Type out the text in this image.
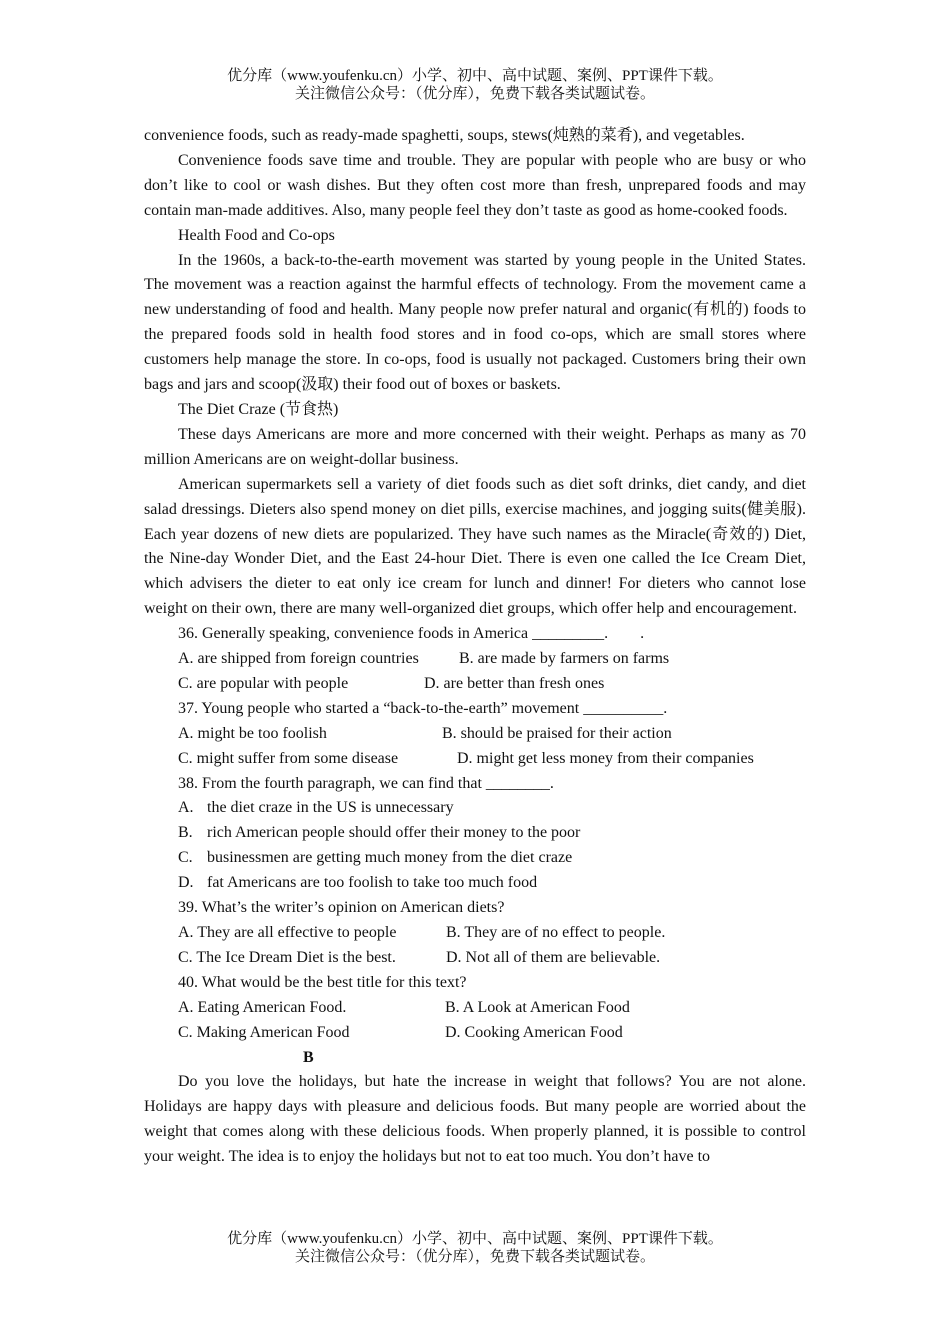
优分库（www.youfenku.cn）小学、初中、高中试题、案例、PPT课件下载。
关注微信公众号：（优分库），免费下载各类试题试卷。

convenience foods, such as ready-made spaghetti, soups, stews(炖熟的菜肴), and vegetables.

Convenience foods save time and trouble. They are popular with people who are busy or who don’t like to cool or wash dishes. But they often cost more than fresh, unprepared foods and may contain man-made additives. Also, many people feel they don’t taste as good as home-cooked foods.

Health Food and Co-ops

In the 1960s, a back-to-the-earth movement was started by young people in the United States. The movement was a reaction against the harmful effects of technology. From the movement came a new understanding of food and health. Many people now prefer natural and organic(有机的) foods to the prepared foods sold in health food stores and in food co-ops, which are small stores where customers help manage the store. In co-ops, food is usually not packaged. Customers bring their own bags and jars and scoop(汲取) their food out of boxes or baskets.

The Diet Craze (节食热)

These days Americans are more and more concerned with their weight. Perhaps as many as 70 million Americans are on weight-dollar business.

American supermarkets sell a variety of diet foods such as diet soft drinks, diet candy, and diet salad dressings. Dieters also spend money on diet pills, exercise machines, and jogging suits(健美服). Each year dozens of new diets are popularized. They have such names as the Miracle(奇效的) Diet, the Nine-day Wonder Diet, and the East 24-hour Diet. There is even one called the Ice Cream Diet, which advisers the dieter to eat only ice cream for lunch and dinner! For dieters who cannot lose weight on their own, there are many well-organized diet groups, which offer help and encouragement.

36. Generally speaking, convenience foods in America _________.        .

A. are shipped from foreign countries	B. are made by farmers on farms
C. are popular with people	D. are better than fresh ones

37. Young people who started a “back-to-the-earth” movement __________.

A. might be too foolish	B. should be praised for their action
C. might suffer from some disease	D. might get less money from their companies

38. From the fourth paragraph, we can find that ________.

A. the diet craze in the US is unnecessary
B. rich American people should offer their money to the poor
C. businessmen are getting much money from the diet craze
D. fat Americans are too foolish to take too much food

39. What’s the writer’s opinion on American diets?

A. They are all effective to people	B. They are of no effect to people.
C. The Ice Dream Diet is the best.	D. Not all of them are believable.

40. What would be the best title for this text?

A. Eating American Food.	B. A Look at American Food
C. Making American Food	D. Cooking American Food

B

Do you love the holidays, but hate the increase in weight that follows? You are not alone. Holidays are happy days with pleasure and delicious foods. But many people are worried about the weight that comes along with these delicious foods. When properly planned, it is possible to control your weight. The idea is to enjoy the holidays but not to eat too much. You don’t have to

优分库（www.youfenku.cn）小学、初中、高中试题、案例、PPT课件下载。
关注微信公众号：（优分库），免费下载各类试题试卷。
